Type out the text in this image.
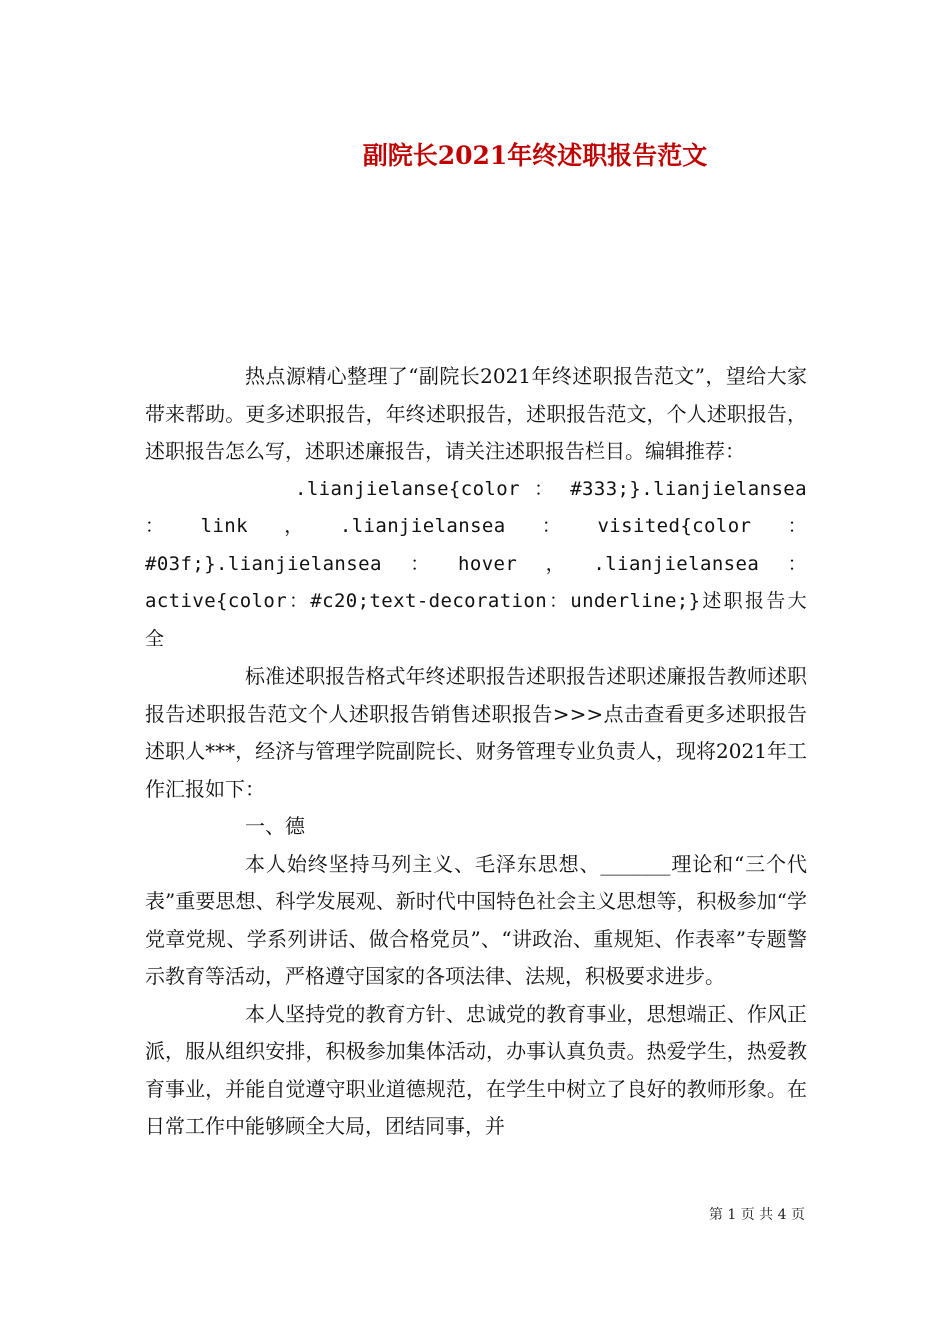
副院长2021年终述职报告范文

热点源精心整理了“副院长2021年终述职报告范文”，望给大家带来帮助。更多述职报告，年终述职报告，述职报告范文，个人述职报告，述职报告怎么写，述职述廉报告，请关注述职报告栏目。编辑推荐：

.lianjielanse{color ： #333;}.lianjielansea ：link，.lianjielansea：visited{color：#03f;}.lianjielansea：hover，.lianjielansea：active{color：#c20;text-decoration：underline;}述职报告大全

标准述职报告格式年终述职报告述职报告述职述廉报告教师述职报告述职报告范文个人述职报告销售述职报告>>>点击查看更多述职报告述职人***，经济与管理学院副院长、财务管理专业负责人，现将2021年工作汇报如下：

一、德

本人始终坚持马列主义、毛泽东思想、_______理论和“三个代表”重要思想、科学发展观、新时代中国特色社会主义思想等，积极参加“学党章党规、学系列讲话、做合格党员”、“讲政治、重规矩、作表率”专题警示教育等活动，严格遵守国家的各项法律、法规，积极要求进步。

本人坚持党的教育方针、忠诚党的教育事业，思想端正、作风正派，服从组织安排，积极参加集体活动，办事认真负责。热爱学生，热爱教育事业，并能自觉遵守职业道德规范，在学生中树立了良好的教师形象。在日常工作中能够顾全大局，团结同事，并

第 1 页 共 4 页
